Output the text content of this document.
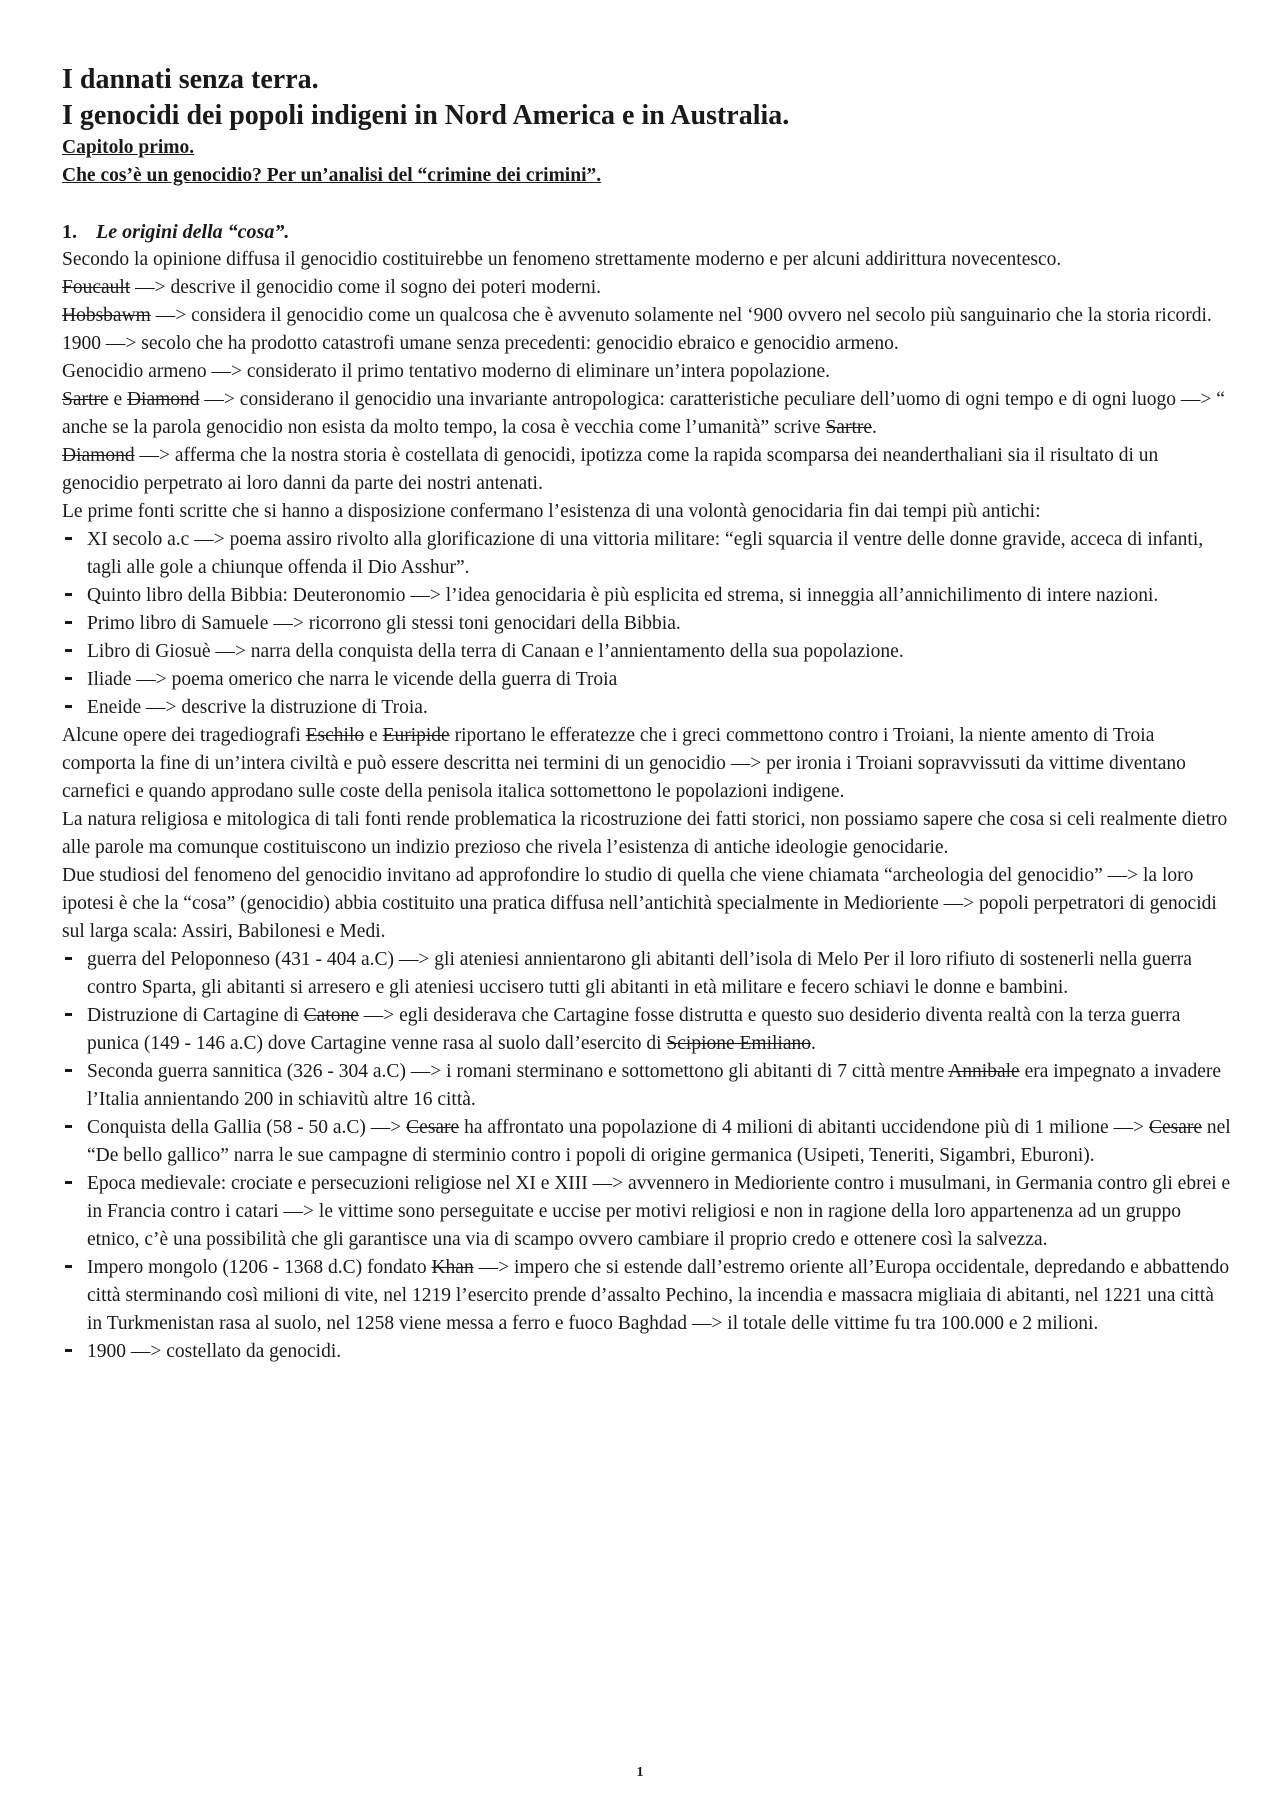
I dannati senza terra.
I genocidi dei popoli indigeni in Nord America e in Australia.

Capitolo primo.

Che cos’è un genocidio? Per un’analisi del “crimine dei crimini”.

1. Le origini della “cosa”.

Secondo la opinione diffusa il genocidio costituirebbe un fenomeno strettamente moderno e per alcuni addirittura novecentesco.

Foucault —> descrive il genocidio come il sogno dei poteri moderni.

Hobsbawm —> considera il genocidio come un qualcosa che è avvenuto solamente nel ‘900 ovvero nel secolo più sanguinario che la storia ricordi.

1900 —> secolo che ha prodotto catastrofi umane senza precedenti: genocidio ebraico e genocidio armeno.

Genocidio armeno —> considerato il primo tentativo moderno di eliminare un’intera popolazione.

Sartre e Diamond —> considerano il genocidio una invariante antropologica: caratteristiche peculiare dell’uomo di ogni tempo e di ogni luogo —> “ anche se la parola genocidio non esista da molto tempo, la cosa è vecchia come l’umanità” scrive Sartre.

Diamond —> afferma che la nostra storia è costellata di genocidi, ipotizza come la rapida scomparsa dei neanderthaliani sia il risultato di un genocidio perpetrato ai loro danni da parte dei nostri antenati.

Le prime fonti scritte che si hanno a disposizione confermano l’esistenza di una volontà genocidaria fin dai tempi più antichi:

XI secolo a.c —> poema assiro rivolto alla glorificazione di una vittoria militare: “egli squarcia il ventre delle donne gravide, acceca di infanti, tagli alle gole a chiunque offenda il Dio Asshur”.
Quinto libro della Bibbia: Deuteronomio —> l’idea genocidaria è più esplicita ed strema, si inneggia all’annichilimento di intere nazioni.
Primo libro di Samuele —> ricorrono gli stessi toni genocidari della Bibbia.
Libro di Giosuè —> narra della conquista della terra di Canaan e l’annientamento della sua popolazione.
Iliade —> poema omerico che narra le vicende della guerra di Troia
Eneide —> descrive la distruzione di Troia.

Alcune opere dei tragediografi Eschilo e Euripide riportano le efferatezze che i greci commettono contro i Troiani, la niente amento di Troia comporta la fine di un’intera civiltà e può essere descritta nei termini di un genocidio —> per ironia i Troiani sopravvissuti da vittime diventano carnefici e quando approdano sulle coste della penisola italica sottomettono le popolazioni indigene.

La natura religiosa e mitologica di tali fonti rende problematica la ricostruzione dei fatti storici, non possiamo sapere che cosa si celi realmente dietro alle parole ma comunque costituiscono un indizio prezioso che rivela l’esistenza di antiche ideologie genocidarie.

Due studiosi del fenomeno del genocidio invitano ad approfondire lo studio di quella che viene chiamata “archeologia del genocidio” —> la loro ipotesi è che la “cosa” (genocidio) abbia costituito una pratica diffusa nell’antichità specialmente in Medioriente —> popoli perpetratori di genocidi sul larga scala: Assiri, Babilonesi e Medi.

guerra del Peloponneso (431 - 404 a.C) —> gli ateniesi annientarono gli abitanti dell’isola di Melo Per il loro rifiuto di sostenerli nella guerra contro Sparta, gli abitanti si arresero e gli ateniesi uccisero tutti gli abitanti in età militare e fecero schiavi le donne e bambini.
Distruzione di Cartagine di Catone —> egli desiderava che Cartagine fosse distrutta e questo suo desiderio diventa realtà con la terza guerra punica (149 - 146 a.C) dove Cartagine venne rasa al suolo dall’esercito di Scipione Emiliano.
Seconda guerra sannitica (326 - 304 a.C) —> i romani sterminano e sottomettono gli abitanti di 7 città mentre Annibale era impegnato a invadere l’Italia annientando 200 in schiavitù altre 16 città.
Conquista della Gallia (58 - 50 a.C) —> Cesare ha affrontato una popolazione di 4 milioni di abitanti uccidendone più di 1 milione —> Cesare nel “De bello gallico” narra le sue campagne di sterminio contro i popoli di origine germanica (Usipeti, Teneriti, Sigambri, Eburoni).
Epoca medievale: crociate e persecuzioni religiose nel XI e XIII —> avvennero in Medioriente contro i musulmani, in Germania contro gli ebrei e in Francia contro i catari —> le vittime sono perseguitate e uccise per motivi religiosi e non in ragione della loro appartenenza ad un gruppo etnico, c’è una possibilità che gli garantisce una via di scampo ovvero cambiare il proprio credo e ottenere così la salvezza.
Impero mongolo (1206 - 1368 d.C) fondato Khan —> impero che si estende dall’estremo oriente all’Europa occidentale, depredando e abbattendo città sterminando così milioni di vite, nel 1219 l’esercito prende d’assalto Pechino, la incendia e massacra migliaia di abitanti, nel 1221 una città in Turkmenistan rasa al suolo, nel 1258 viene messa a ferro e fuoco Baghdad —> il totale delle vittime fu tra 100.000 e 2 milioni.
1900 —> costellato da genocidi.
1
